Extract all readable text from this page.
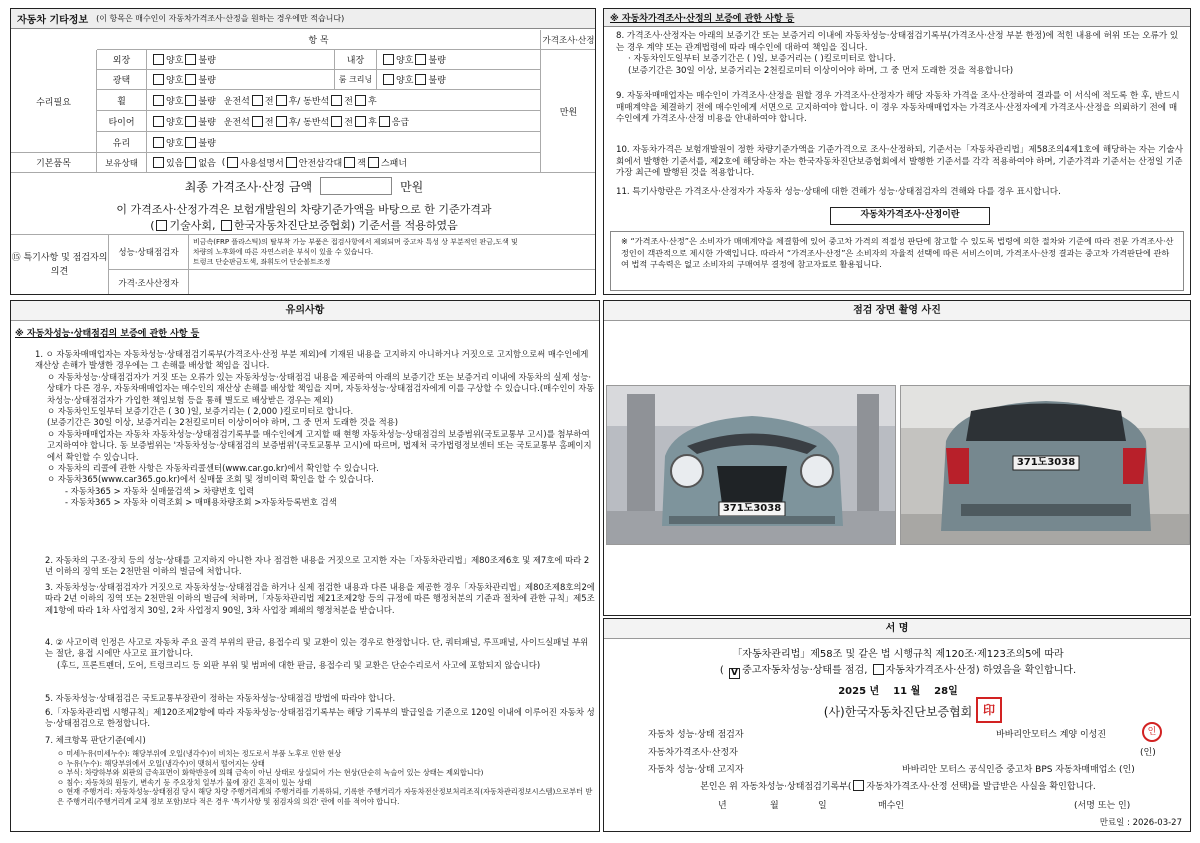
자동차 기타정보 (이 항목은 매수인이 자동차가격조사·산정을 원하는 경우에만 적습니다)
항 목	가격조사·산정
수리필요
기본품목
만원
외장	양호 불량	내장	양호 불량
광택	양호 불량	룸 크리닝	양호 불량
휠	양호 불량 운전석 전 후 / 동반석 전 후
타이어	양호 불량 운전석 전 후 / 동반석 전 후 응급
유리	양호 불량
보유상태	있음 없음 ( 사용설명서 안전삼각대 잭 스패너
최종 가격조사·산정 금액	만원
이 가격조사·산정가격은 보험개발원의 차량기준가액을 바탕으로 한 기준가격과
( 기술사회, 한국자동차진단보증협회) 기준서를 적용하였음
⑮ 특기사항 및 점검자의 의견
성능·상태점검자
비금속(FRP 플라스틱)의 탈부착 가능 부품은 접검사항에서 제외되며 중고차 특성 상 부분적인 판금,도색 및
차량의 노후화에 따른 자연스러운 부식이 있을 수 있습니다.
트렁크 단순판금도색, 좌휘도어 단순볼트조정
가격·조사산정자
※ 자동차가격조사·산정의 보증에 관한 사항 등
8. 가격조사·산정자는 아래의 보증기간 또는 보증거리 이내에 자동차성능·상태점검기록부(가격조사·산정 부분 한정)에 적힌 내용에 허위 또는 오류가 있는 경우 계약 또는 관계법령에 따라 매수인에 대하여 책임을 집니다.
· 자동차인도일부터 보증기간은 ( )일, 보증거리는 ( )킬로미터로 합니다.
(보증기간은 30일 이상, 보증거리는 2천킬로미터 이상이어야 하며, 그 중 먼저 도래한 것을 적용합니다)
9. 자동차매매업자는 매수인이 가격조사·산정을 원할 경우 가격조사·산정자가 해당 자동차 가격을 조사·산정하여 결과를 이 서식에 적도록 한 후, 반드시 매매계약을 체결하기 전에 매수인에게 서면으로 고지하여야 합니다. 이 경우 자동차매매업자는 가격조사·산정자에게 가격조사·산정을 의뢰하기 전에 매수인에게 가격조사·산정 비용을 안내하여야 합니다.
10. 자동차가격은 보험개발원이 정한 차량기준가액을 기준가격으로 조사·산정하되, 기준서는「자동차관리법」제58조의4제1호에 해당하는 자는 기술사회에서 발행한 기준서를, 제2호에 해당하는 자는 한국자동차진단보증협회에서 발행한 기준서를 각각 적용하여야 하며, 기준가격과 기준서는 산정일 기준 가장 최근에 발행된 것을 적용합니다.
11. 특기사항란은 가격조사·산정자가 자동차 성능·상태에 대한 견해가 성능·상태점검자의 견해와 다를 경우 표시합니다.
자동차가격조사·산정이란
※ “가격조사·산정”은 소비자가 매매계약을 체결함에 있어 중고차 가격의 적절성 판단에 참고할 수 있도록 법령에 의한 절차와 기준에 따라 전문 가격조사·산정인이 객관적으로 제시한 가액입니다. 따라서 “가격조사·산정”은 소비자의 자율적 선택에 따른 서비스이며, 가격조사·산정 결과는 중고차 가격판단에 관하여 법적 구속력은 없고 소비자의 구매여부 결정에 참고자료로 활용됩니다.
유의사항
※ 자동차성능·상태점검의 보증에 관한 사항 등
1. ㅇ 자동차매매업자는 자동차성능·상태점검기록부(가격조사·산정 부분 제외)에 기재된 내용을 고지하지 아니하거나 거짓으로 고지함으로써 매수인에게 재산상 손해가 발생한 경우에는 그 손해를 배상할 책임을 집니다.
ㅇ 자동차성능·상태점검자가 거짓 또는 오류가 있는 자동차성능·상태점검 내용을 제공하여 아래의 보증기간 또는 보증거리 이내에 자동차의 실제 성능·상태가 다른 경우, 자동차매매업자는 매수인의 재산상 손해를 배상할 책임을 지며, 자동차성능·상태점검자에게 이를 구상할 수 있습니다.(매수인이 자동차성능·상태점검자가 가입한 책임보험 등을 통해 별도로 배상받은 경우는 제외)
ㅇ 자동차인도일부터 보증기간은 ( 30 )일, 보증거리는 ( 2,000 )킬로미터로 합니다.
(보증기간은 30일 이상, 보증거리는 2천킬로미터 이상이어야 하며, 그 중 먼저 도래한 것을 적용)
ㅇ 자동차매매업자는 자동차 자동차성능·상태점검기록부를 매수인에게 고지할 때 현행 자동차성능·상태점검의 보증범위(국토교통부 고시)를 첨부하여 고지하여야 합니다. 동 보증범위는 '자동차성능·상태점검의 보증범위'(국토교통부 고시)에 따르며, 법제처 국가법령정보센터 또는 국토교통부 홈페이지에서 확인할 수 있습니다.
ㅇ 자동차의 리콜에 관한 사항은 자동차리콜센터(www.car.go.kr)에서 확인할 수 있습니다.
ㅇ 자동차365(www.car365.go.kr)에서 실매물 조회 및 정비이력 확인을 할 수 있습니다.
- 자동차365 > 자동차 실매물검색 > 차량번호 입력
- 자동차365 > 자동차 이력조회 > 매매용차량조회 >자동차등록번호 검색
2. 자동차의 구조·장치 등의 성능·상태를 고지하지 아니한 자나 점검한 내용을 거짓으로 고지한 자는「자동차관리법」제80조제6호 및 제7호에 따라 2년 이하의 징역 또는 2천만원 이하의 벌금에 처합니다.
3. 자동차성능·상태점검자가 거짓으로 자동차성능·상태점검을 하거나 실제 점검한 내용과 다른 내용을 제공한 경우「자동차관리법」제80조제8호의2에 따라 2년 이하의 징역 또는 2천만원 이하의 벌금에 처하며,「자동차관리법 제21조제2항 등의 규정에 따른 행정처분의 기준과 절차에 관한 규칙」제5조제1항에 따라 1차 사업정지 30일, 2차 사업정지 90일, 3차 사업장 폐쇄의 행정처분을 받습니다.
4. ② 사고이력 인정은 사고로 자동차 주요 골격 부위의 판금, 용접수리 및 교환이 있는 경우로 한정합니다. 단, 쿼터패널, 루프패널, 사이드실패널 부위는 절단, 용접 시에만 사고로 표기합니다.
(후드, 프론트펜더, 도어, 트렁크리드 등 외판 부위 및 범퍼에 대한 판금, 용접수리 및 교환은 단순수리로서 사고에 포함되지 않습니다)
5. 자동차성능·상태점검은 국토교통부장관이 정하는 자동차성능·상태점검 방법에 따라야 합니다.
6.「자동차관리법 시행규칙」제120조제2항에 따라 자동차성능·상태점검기록부는 해당 기록부의 발급일을 기준으로 120일 이내에 이루어진 자동차 성능·상태점검으로 한정합니다.
7. 체크항목 판단기준(예시)
ㅇ 미세누유(미세누수): 해당부위에 오일(냉각수)이 비치는 정도로서 부품 노후로 인한 현상
ㅇ 누유(누수): 해당부위에서 오일(냉각수)이 맺혀서 떨어지는 상태
ㅇ 부식: 차량하부와 외판의 금속표면이 화학반응에 의해 금속이 아닌 상태로 상실되어 가는 현상(단순히 녹슬어 있는 상태는 제외합니다)
ㅇ 침수: 자동차의 원동기, 변속기 등 주요장치 일부가 물에 잠긴 흔적이 있는 상태
ㅇ 현재 주행거리: 자동차성능·상태점검 당시 해당 차량 주행거리계의 주행거리를 기록하되, 기록한 주행거리가 자동차전산정보처리조직(자동차관리정보시스템)으로부터 받은 주행거리(주행거리계 교체 정보 포함)보다 적은 경우 '특기사항 및 점검자의 의견' 란에 이를 적어야 합니다.
점검 장면 촬영 사진
371도3038
371도3038
서 명
「자동차관리법」제58조 및 같은 법 시행규칙 제120조·제123조의5에 따라
( V 중고자동차성능·상태를 점검, 자동차가격조사·산정) 하였음을 확인합니다.
2025 년 11 월 28일
(사)한국자동차진단보증협회 印
자동차 성능·상태 점검자	바바리안모터스 계양 이성진	인
자동차가격조사·산정자	(인)
자동차 성능·상태 고지자	바바리안 모터스 공식인증 중고차 BPS 자동차매매업소 (인)
본인은 위 자동차성능·상태점검기록부( 자동차가격조사·산정 선택)를 발급받은 사실을 확인합니다.
년	월	일	매수인	(서명 또는 인)
만료일 : 2026-03-27
